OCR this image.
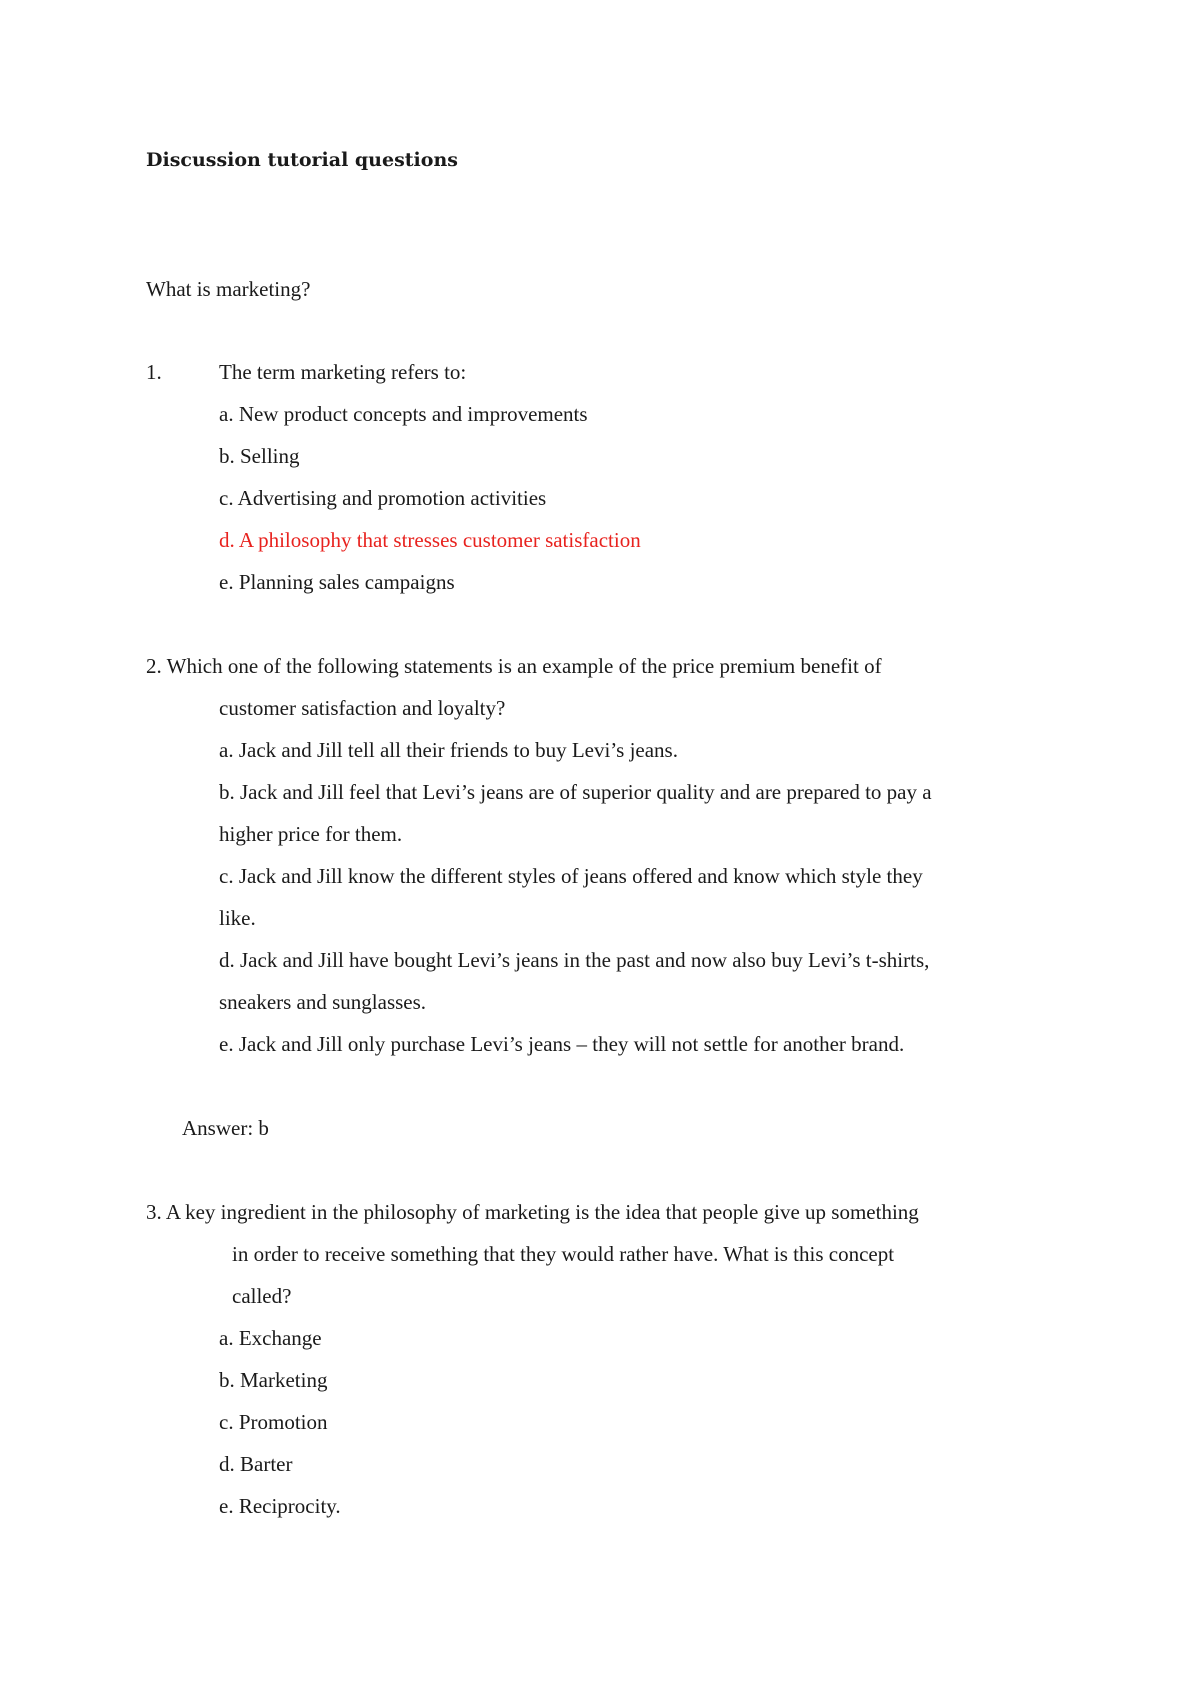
Discussion tutorial questions
What is marketing?
1.	The term marketing refers to:
a. New product concepts and improvements
b. Selling
c. Advertising and promotion activities
d. A philosophy that stresses customer satisfaction
e. Planning sales campaigns
2. Which one of the following statements is an example of the price premium benefit of
customer satisfaction and loyalty?
a. Jack and Jill tell all their friends to buy Levi’s jeans.
b. Jack and Jill feel that Levi’s jeans are of superior quality and are prepared to pay a
higher price for them.
c. Jack and Jill know the different styles of jeans offered and know which style they
like.
d. Jack and Jill have bought Levi’s jeans in the past and now also buy Levi’s t-shirts,
sneakers and sunglasses.
e. Jack and Jill only purchase Levi’s jeans – they will not settle for another brand.
Answer: b
3. A key ingredient in the philosophy of marketing is the idea that people give up something
in order to receive something that they would rather have. What is this concept
called?
a. Exchange
b. Marketing
c. Promotion
d. Barter
e. Reciprocity.
